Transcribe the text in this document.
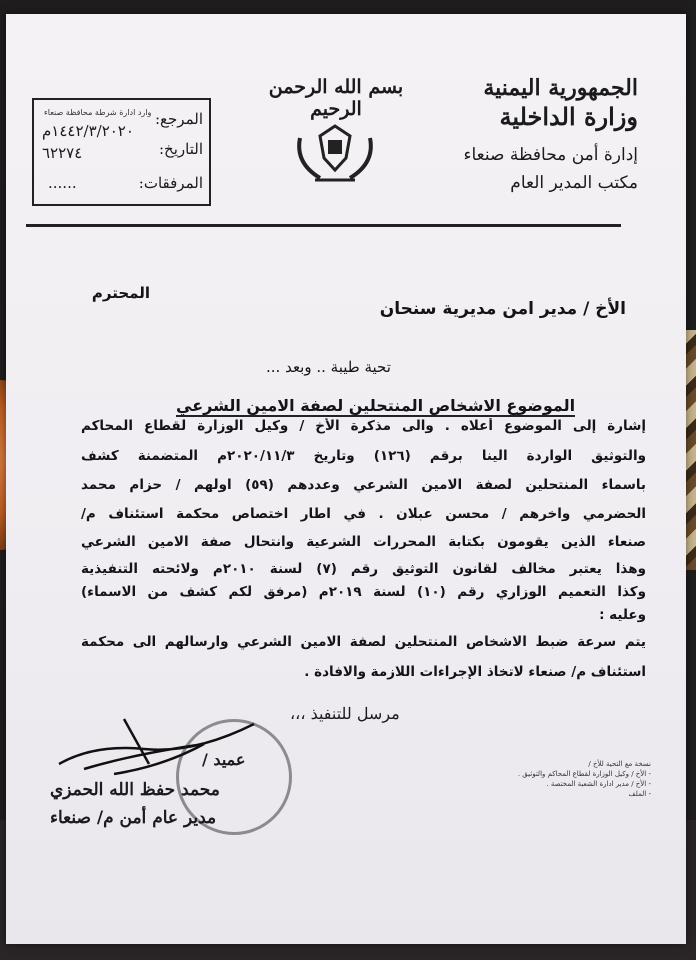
الجمهورية اليمنية
وزارة الداخلية
إدارة أمن محافظة صنعاء
مكتب المدير العام
بسم الله الرحمن الرحيم
المرجع:
٦٢٢٧٤	التاريخ:
١٤٤٢/٣/٢٠٢٠م
المرفقات:
......
وارد ادارة شرطة محافظة صنعاء
المحترم
الأخ / مدير امن مديرية سنحان
تحية طيبة .. وبعد ...
الموضوع الاشخاص المنتحلين لصفة الامين الشرعي
إشارة إلى الموضوع أعلاه . والى مذكرة الأخ / وكيل الوزارة لقطاع المحاكم
والتوثيق الواردة الينا برقم (١٢٦) وتاريخ ٢٠٢٠/١١/٣م المتضمنة كشف
باسماء المنتحلين لصفة الامين الشرعي وعددهم (٥٩) اولهم / حزام محمد
الحضرمي واخرهم / محسن عبلان . في اطار اختصاص محكمة استئناف م/
صنعاء الذين يقومون بكتابة المحررات الشرعية وانتحال صفة الامين الشرعي
وهذا يعتبر مخالف لقانون التوثيق رقم (٧) لسنة ٢٠١٠م ولائحته التنفيذية
وكذا التعميم الوزاري رقم (١٠) لسنة ٢٠١٩م (مرفق لكم كشف من الاسماء)
وعليه :
يتم سرعة ضبط الاشخاص المنتحلين لصفة الامين الشرعي وارسالهم الى محكمة
استئناف م/ صنعاء لاتخاذ الإجراءات اللازمة والافادة .
مرسل للتنفيذ ،،،
عميد /
محمد حفظ الله الحمزي
مدير عام أمن م/ صنعاء
نسخة مع التحية للأخ /
- الأخ / وكيل الوزارة لقطاع المحاكم والتوثيق .
- الأخ / مدير ادارة الشعبة المختصة .
- الملف
